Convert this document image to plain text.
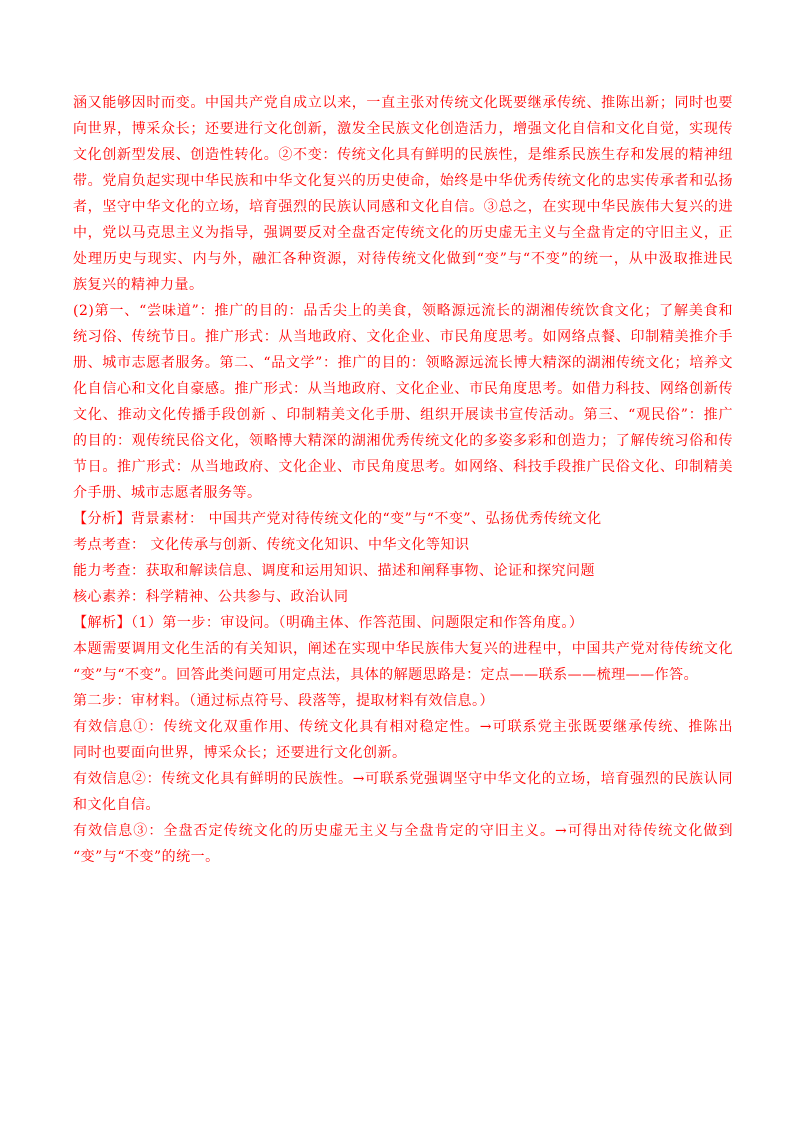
涵又能够因时而变。中国共产党自成立以来，一直主张对传统文化既要继承传统、推陈出新；同时也要
向世界，博采众长；还要进行文化创新，激发全民族文化创造活力，增强文化自信和文化自觉，实现传
文化创新型发展、创造性转化。②不变：传统文化具有鲜明的民族性，是维系民族生存和发展的精神纽
带。党肩负起实现中华民族和中华文化复兴的历史使命，始终是中华优秀传统文化的忠实传承者和弘扬
者，坚守中华文化的立场，培育强烈的民族认同感和文化自信。③总之，在实现中华民族伟大复兴的进
中，党以马克思主义为指导，强调要反对全盘否定传统文化的历史虚无主义与全盘肯定的守旧主义，正
处理历史与现实、内与外，融汇各种资源，对待传统文化做到“变”与“不变”的统一，从中汲取推进民
族复兴的精神力量。
(2)第一、“尝味道”：推广的目的：品舌尖上的美食，领略源远流长的湖湘传统饮食文化；了解美食和
统习俗、传统节日。推广形式：从当地政府、文化企业、市民角度思考。如网络点餐、印制精美推介手
册、城市志愿者服务。第二、“品文学”：推广的目的：领略源远流长博大精深的湖湘传统文化；培养文
化自信心和文化自豪感。推广形式：从当地政府、文化企业、市民角度思考。如借力科技、网络创新传
文化、推动文化传播手段创新 、印制精美文化手册、组织开展读书宣传活动。第三、“观民俗”：推广
的目的：观传统民俗文化，领略博大精深的湖湘优秀传统文化的多姿多彩和创造力；了解传统习俗和传
节日。推广形式：从当地政府、文化企业、市民角度思考。如网络、科技手段推广民俗文化、印制精美
介手册、城市志愿者服务等。
【分析】背景素材： 中国共产党对待传统文化的“变”与“不变”、弘扬优秀传统文化
考点考查： 文化传承与创新、传统文化知识、中华文化等知识
能力考查：获取和解读信息、调度和运用知识、描述和阐释事物、论证和探究问题
核心素养：科学精神、公共参与、政治认同
【解析】（1）第一步：审设问。（明确主体、作答范围、问题限定和作答角度。）
本题需要调用文化生活的有关知识，阐述在实现中华民族伟大复兴的进程中，中国共产党对待传统文化
“变”与“不变”。回答此类问题可用定点法，具体的解题思路是：定点——联系——梳理——作答。
第二步：审材料。（通过标点符号、段落等，提取材料有效信息。）
有效信息①：传统文化双重作用、传统文化具有相对稳定性。→可联系党主张既要继承传统、推陈出
同时也要面向世界，博采众长；还要进行文化创新。
有效信息②：传统文化具有鲜明的民族性。→可联系党强调坚守中华文化的立场，培育强烈的民族认同
和文化自信。
有效信息③：全盘否定传统文化的历史虚无主义与全盘肯定的守旧主义。→可得出对待传统文化做到
“变”与“不变”的统一。
